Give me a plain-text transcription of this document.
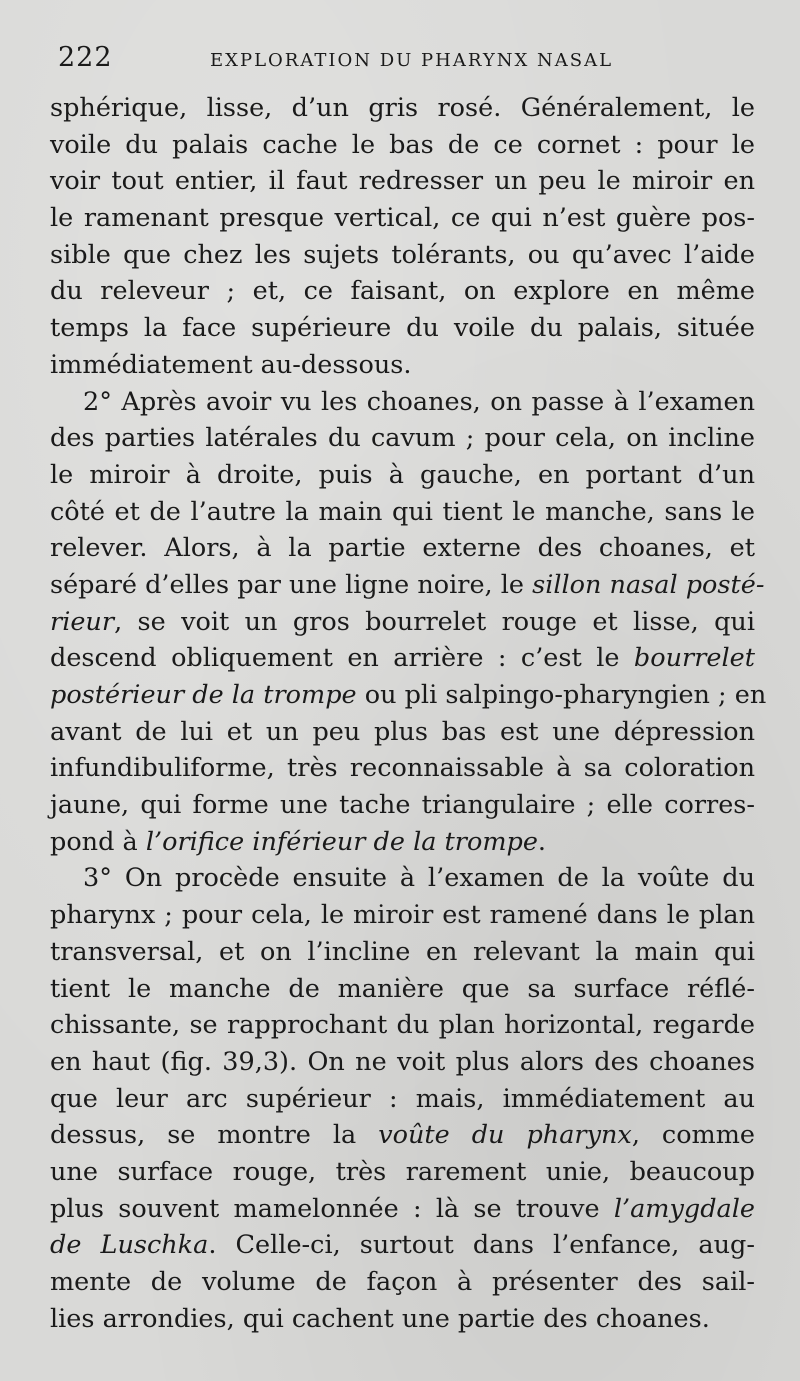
222	EXPLORATION DU PHARYNX NASAL
sphérique, lisse, d’un gris rosé. Généralement, le
voile du palais cache le bas de ce cornet : pour le
voir tout entier, il faut redresser un peu le miroir en
le ramenant presque vertical, ce qui n’est guère pos-
sible que chez les sujets tolérants, ou qu’avec l’aide
du releveur ; et, ce faisant, on explore en même
temps la face supérieure du voile du palais, située
immédiatement au-dessous.
2° Après avoir vu les choanes, on passe à l’examen
des parties latérales du cavum ; pour cela, on incline
le miroir à droite, puis à gauche, en portant d’un
côté et de l’autre la main qui tient le manche, sans le
relever. Alors, à la partie externe des choanes, et
séparé d’elles par une ligne noire, le sillon nasal posté-
rieur, se voit un gros bourrelet rouge et lisse, qui
descend obliquement en arrière : c’est le bourrelet
postérieur de la trompe ou pli salpingo-pharyngien ; en
avant de lui et un peu plus bas est une dépression
infundibuliforme, très reconnaissable à sa coloration
jaune, qui forme une tache triangulaire ; elle corres-
pond à l’orifice inférieur de la trompe.
3° On procède ensuite à l’examen de la voûte du
pharynx ; pour cela, le miroir est ramené dans le plan
transversal, et on l’incline en relevant la main qui
tient le manche de manière que sa surface réflé-
chissante, se rapprochant du plan horizontal, regarde
en haut (fig. 39,3). On ne voit plus alors des choanes
que leur arc supérieur : mais, immédiatement au
dessus, se montre la voûte du pharynx, comme
une surface rouge, très rarement unie, beaucoup
plus souvent mamelonnée : là se trouve l’amygdale
de Luschka. Celle-ci, surtout dans l’enfance, aug-
mente de volume de façon à présenter des sail-
lies arrondies, qui cachent une partie des choanes.
